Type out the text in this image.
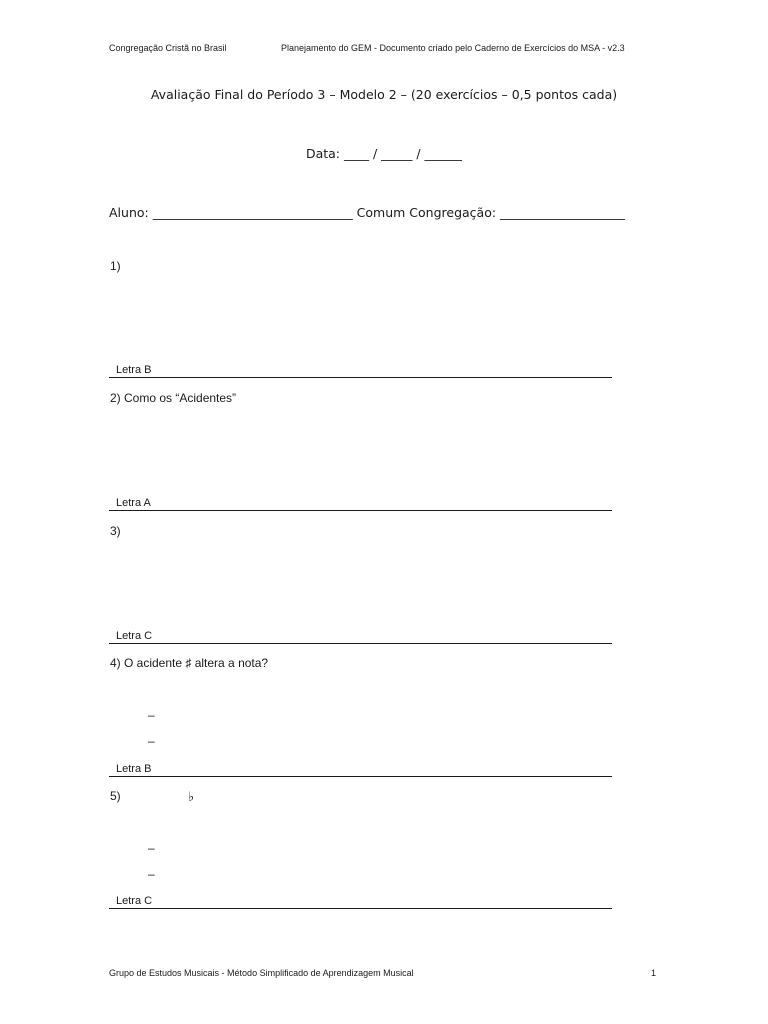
Congregação Cristã no Brasil	Planejamento do GEM - Documento criado pelo Caderno de Exercícios do MSA - v2.3
Avaliação Final do Período 3 – Modelo 2 – (20 exercícios – 0,5 pontos cada)
Data: ____ / _____ / ______
Aluno: ________________________________ Comum Congregação: ____________________
1)
Letra B
2) Como os “Acidentes”
Letra A
3)
Letra C
4) O acidente ♯ altera a nota?
–
–
Letra B
5)	♭
–
–
Letra C
Grupo de Estudos Musicais - Método Simplificado de Aprendizagem Musical	1
